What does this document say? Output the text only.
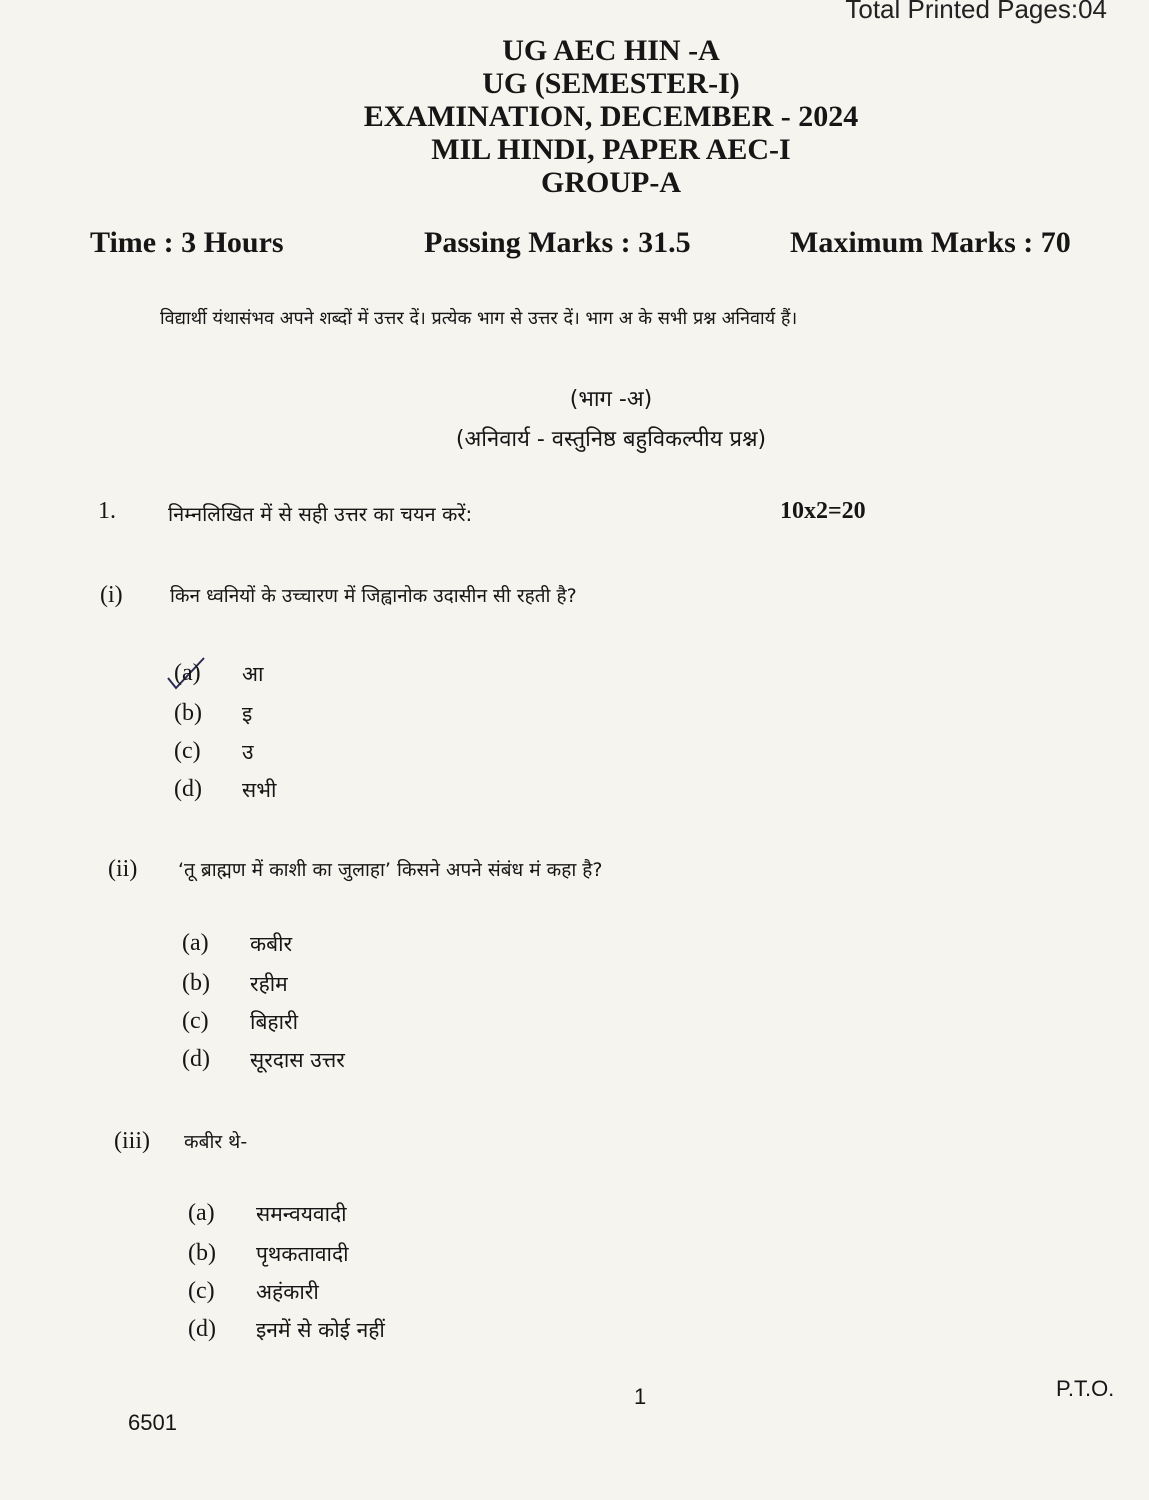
Total Printed Pages:04
UG AEC HIN -A
UG (SEMESTER-I)
EXAMINATION, DECEMBER - 2024
MIL HINDI, PAPER AEC-I
GROUP-A
Time : 3 Hours	Passing Marks : 31.5	Maximum Marks : 70
विद्यार्थी यंथासंभव अपने शब्दों में उत्तर दें। प्रत्येक भाग से उत्तर दें। भाग अ के सभी प्रश्न अनिवार्य हैं।
(भाग -अ)
(अनिवार्य - वस्तुनिष्ठ बहुविकल्पीय प्रश्न)
1.	निम्नलिखित में से सही उत्तर का चयन करें:	10x2=20
(i) किन ध्वनियों के उच्चारण में जिह्वानोक उदासीन सी रहती है?
(a) आ
(b) इ
(c) उ
(d) सभी
(ii) ‘तू ब्राह्मण में काशी का जुलाहा’ किसने अपने संबंध मं कहा है?
(a) कबीर
(b) रहीम
(c) बिहारी
(d) सूरदास उत्तर
(iii) कबीर थे-
(a) समन्वयवादी
(b) पृथकतावादी
(c) अहंकारी
(d) इनमें से कोई नहीं
1	P.T.O.
6501
